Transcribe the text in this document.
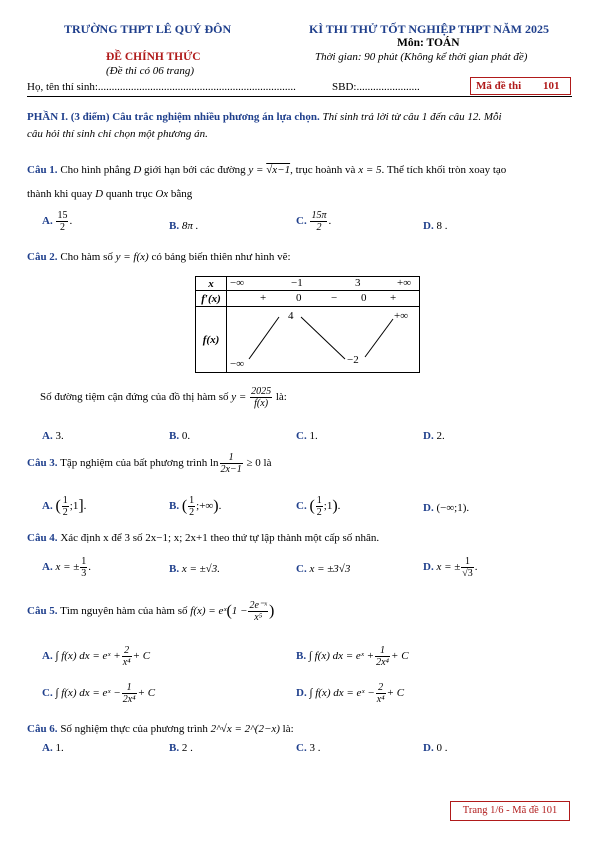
TRƯỜNG THPT LÊ QUÝ ĐÔN
ĐỀ CHÍNH THỨC
(Đề thi có 06 trang)
KÌ THI THỬ TỐT NGHIỆP THPT NĂM 2025
Môn: TOÁN
Thời gian: 90 phút (Không kể thời gian phát đề)
Họ, tên thí sinh:........................................................................	SBD:.......................	Mã đề thi 101
PHẦN I. (3 điểm) Câu trắc nghiệm nhiều phương án lựa chọn. Thí sinh trả lời từ câu 1 đến câu 12. Mỗi
câu hỏi thí sinh chỉ chọn một phương án.
Câu 1. Cho hình phẳng D giới hạn bởi các đường y = √x−1, trục hoành và x = 5. Thể tích khối tròn xoay tạo
thành khi quay D quanh trục Ox bằng
A. $\frac{15}{2}$ .	B. 8π .	C. $\frac{15\pi}{2}$ .	D. 8 .
Câu 2. Cho hàm số y = f(x) có bảng biến thiên như hình vẽ:
x	−∞ −1 3 +∞

f′(x)	+ 0 − 0 +

f(x)	4 +∞
−∞ −2
Số đường tiệm cận đứng của đồ thị hàm số $y = \frac{2025}{f(x)}$ là:
A. 3.	B. 0.	C. 1.	D. 2.
Câu 3. Tập nghiệm của bất phương trình $\ln \frac{1}{2x-1} \ge 0$ là
A. ( $\frac{1}{2}$ ;1].	B. ( $\frac{1}{2}$ ;+∞).	C. ( $\frac{1}{2}$ ;1).	D. (−∞;1).
Câu 4. Xác định x để 3 số 2x−1; x; 2x+1 theo thứ tự lập thành một cấp số nhân.
A. x = ± $\frac{1}{3}$ .	B. x = ±√3.	C. x = ±3√3	D. x = ± $\frac{1}{√3}$ .
Câu 5. Tìm nguyên hàm của hàm số f(x) = eˣ(1 − $\frac{\text{2e⁻ˣ}}{\text{x⁵}}$ )
A. ∫ f(x) dx = eˣ + $\frac{2}{\text{x⁴}} + C$	B. ∫ f(x) dx = eˣ + $\frac{1}{\text{2x⁴}} + C$
C. ∫ f(x) dx = eˣ − $\frac{1}{\text{2x⁴}} + C$	D. ∫ f(x) dx = eˣ − $\frac{2}{\text{x⁴}} + C$
Câu 6. Số nghiệm thực của phương trình 2^√x = 2^(2−x) là:
A. 1.	B. 2 .	C. 3 .	D. 0 .
Trang 1/6 - Mã đề 101
